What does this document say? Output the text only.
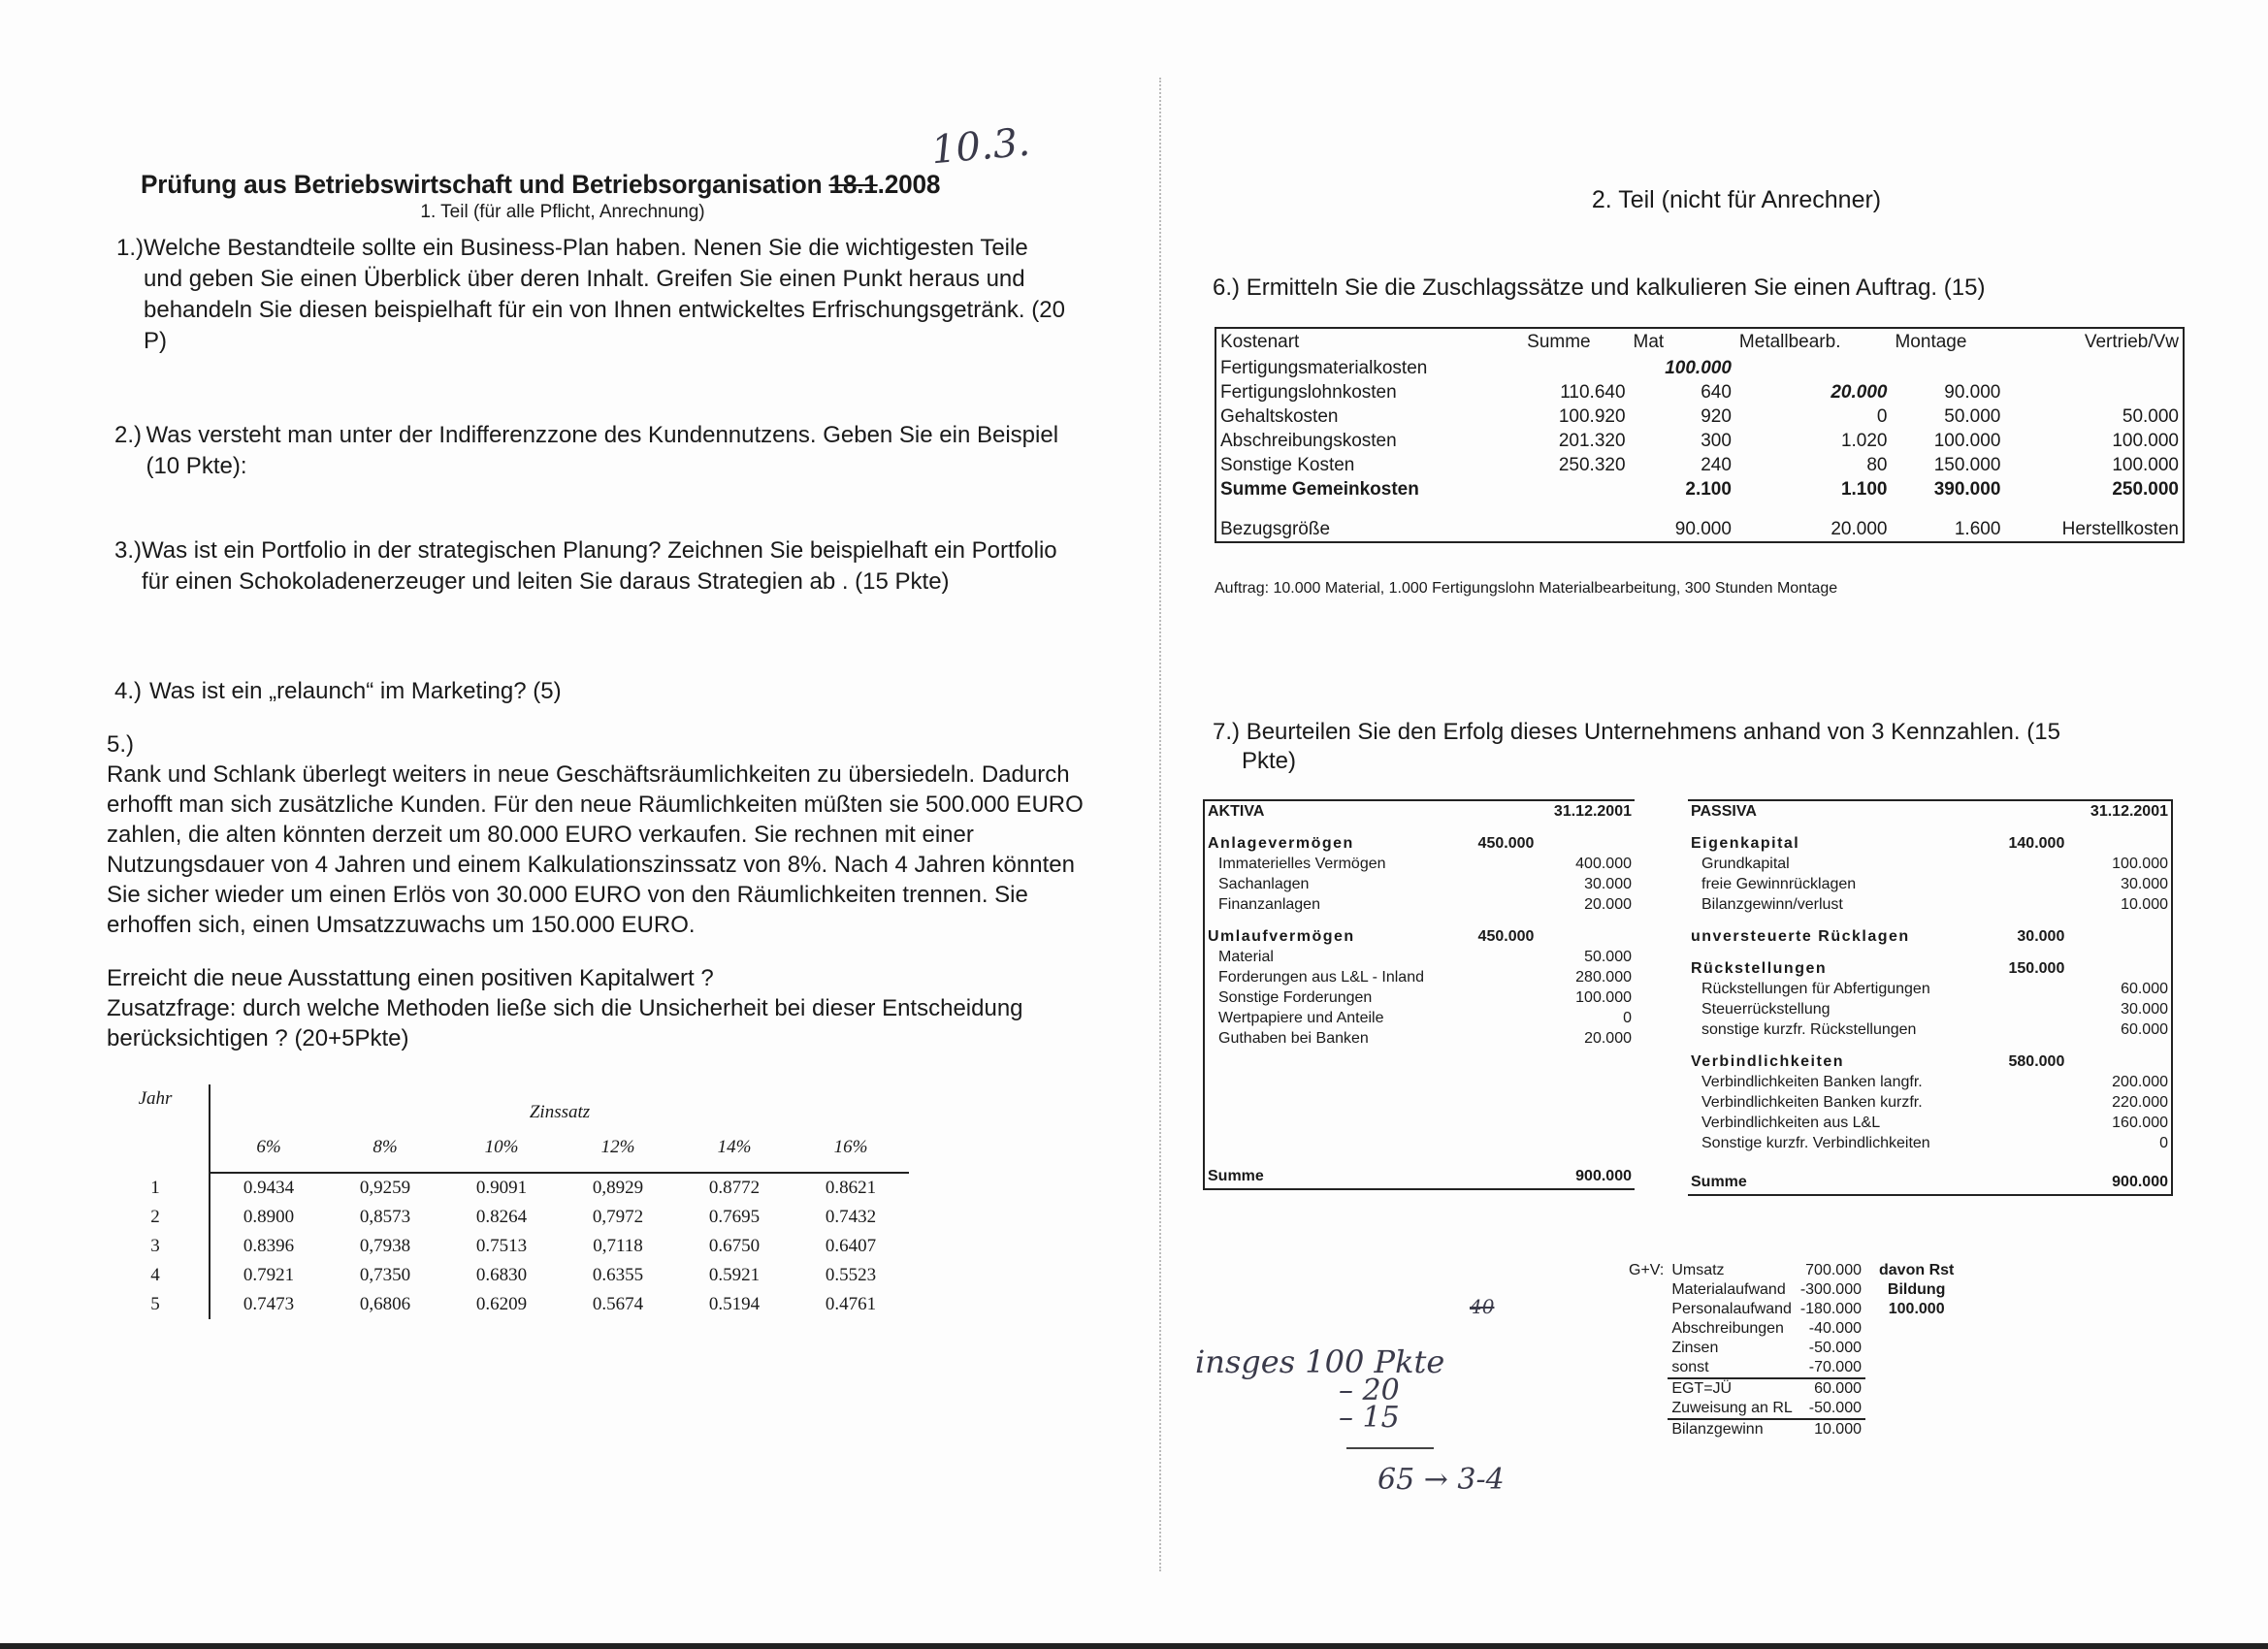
Prüfung aus Betriebswirtschaft und Betriebsorganisation 18.1.2008
10.3.
1. Teil (für alle Pflicht, Anrechnung)
1.) Welche Bestandteile sollte ein Business-Plan haben. Nenen Sie die wichtigesten Teile und geben Sie einen Überblick über deren Inhalt. Greifen Sie einen Punkt heraus und behandeln Sie diesen beispielhaft für ein von Ihnen entwickeltes Erfrischungsgetränk. (20 P)
2.) Was versteht man unter der Indifferenzzone des Kundennutzens. Geben Sie ein Beispiel (10 Pkte):
3.) Was ist ein Portfolio in der strategischen Planung? Zeichnen Sie beispielhaft ein Portfolio für einen Schokoladenerzeuger und leiten Sie daraus Strategien ab . (15 Pkte)
4.) Was ist ein „relaunch“ im Marketing? (5)
5.)

Rank und Schlank überlegt weiters in neue Geschäftsräumlichkeiten zu übersiedeln. Dadurch erhofft man sich zusätzliche Kunden. Für den neue Räumlichkeiten müßten sie 500.000 EURO zahlen, die alten könnten derzeit um 80.000 EURO verkaufen. Sie rechnen mit einer Nutzungsdauer von 4 Jahren und einem Kalkulationszinssatz von 8%. Nach 4 Jahren könnten Sie sicher wieder um einen Erlös von 30.000 EURO von den Räumlichkeiten trennen. Sie erhoffen sich, einen Umsatzzuwachs um 150.000 EURO.

Erreicht die neue Ausstattung einen positiven Kapitalwert ?
Zusatzfrage: durch welche Methoden ließe sich die Unsicherheit bei dieser Entscheidung berücksichtigen ? (20+5Pkte)
Jahr	Zinssatz					
	6%	8%	10%	12%	14%	16%
1	0.9434	0,9259	0.9091	0,8929	0.8772	0.8621
2	0.8900	0,8573	0.8264	0,7972	0.7695	0.7432
3	0.8396	0,7938	0.7513	0,7118	0.6750	0.6407
4	0.7921	0,7350	0.6830	0.6355	0.5921	0.5523
5	0.7473	0,6806	0.6209	0.5674	0.5194	0.4761
2. Teil (nicht für Anrechner)
6.) Ermitteln Sie die Zuschlagssätze und kalkulieren Sie einen Auftrag. (15)
Kostenart	Summe	Mat	Metallbearb.	Montage	Vertrieb/Vw
Fertigungsmaterialkosten		100.000			
Fertigungslohnkosten	110.640	640	20.000	90.000	
Gehaltskosten	100.920	920	0	50.000	50.000
Abschreibungskosten	201.320	300	1.020	100.000	100.000
Sonstige Kosten	250.320	240	80	150.000	100.000
Summe Gemeinkosten		2.100	1.100	390.000	250.000

Bezugsgröße		90.000	20.000	1.600	Herstellkosten
Auftrag: 10.000 Material, 1.000 Fertigungslohn Materialbearbeitung, 300 Stunden Montage
7.) Beurteilen Sie den Erfolg dieses Unternehmens anhand von 3 Kennzahlen. (15
Pkte)
AKTIVA		31.12.2001

Anlagevermögen	450.000	
Immaterielles Vermögen		400.000
Sachanlagen		30.000
Finanzanlagen		20.000

Umlaufvermögen	450.000	
Material		50.000
Forderungen aus L&L - Inland		280.000
Sonstige Forderungen		100.000
Wertpapiere und Anteile		0
Guthaben bei Banken		20.000

Summe		900.000
PASSIVA		31.12.2001

Eigenkapital	140.000	
Grundkapital		100.000
freie Gewinnrücklagen		30.000
Bilanzgewinn/verlust		10.000

unversteuerte Rücklagen	30.000	

Rückstellungen	150.000	
Rückstellungen für Abfertigungen		60.000
Steuerrückstellung		30.000
sonstige kurzfr. Rückstellungen		60.000

Verbindlichkeiten	580.000	
Verbindlichkeiten Banken langfr.		200.000
Verbindlichkeiten Banken kurzfr.		220.000
Verbindlichkeiten aus L&L		160.000
Sonstige kurzfr. Verbindlichkeiten		0

Summe		900.000
G+V:	Umsatz	700.000	davon Rst
	Materialaufwand	-300.000	Bildung
	Personalaufwand	-180.000	100.000
	Abschreibungen	-40.000	
	Zinsen	-50.000	
	sonst	-70.000	
	EGT=JÜ	60.000	
	Zuweisung an RL	-50.000	
	Bilanzgewinn	10.000	
40
insges 100 Pkte
– 20
– 15
65 → 3-4
